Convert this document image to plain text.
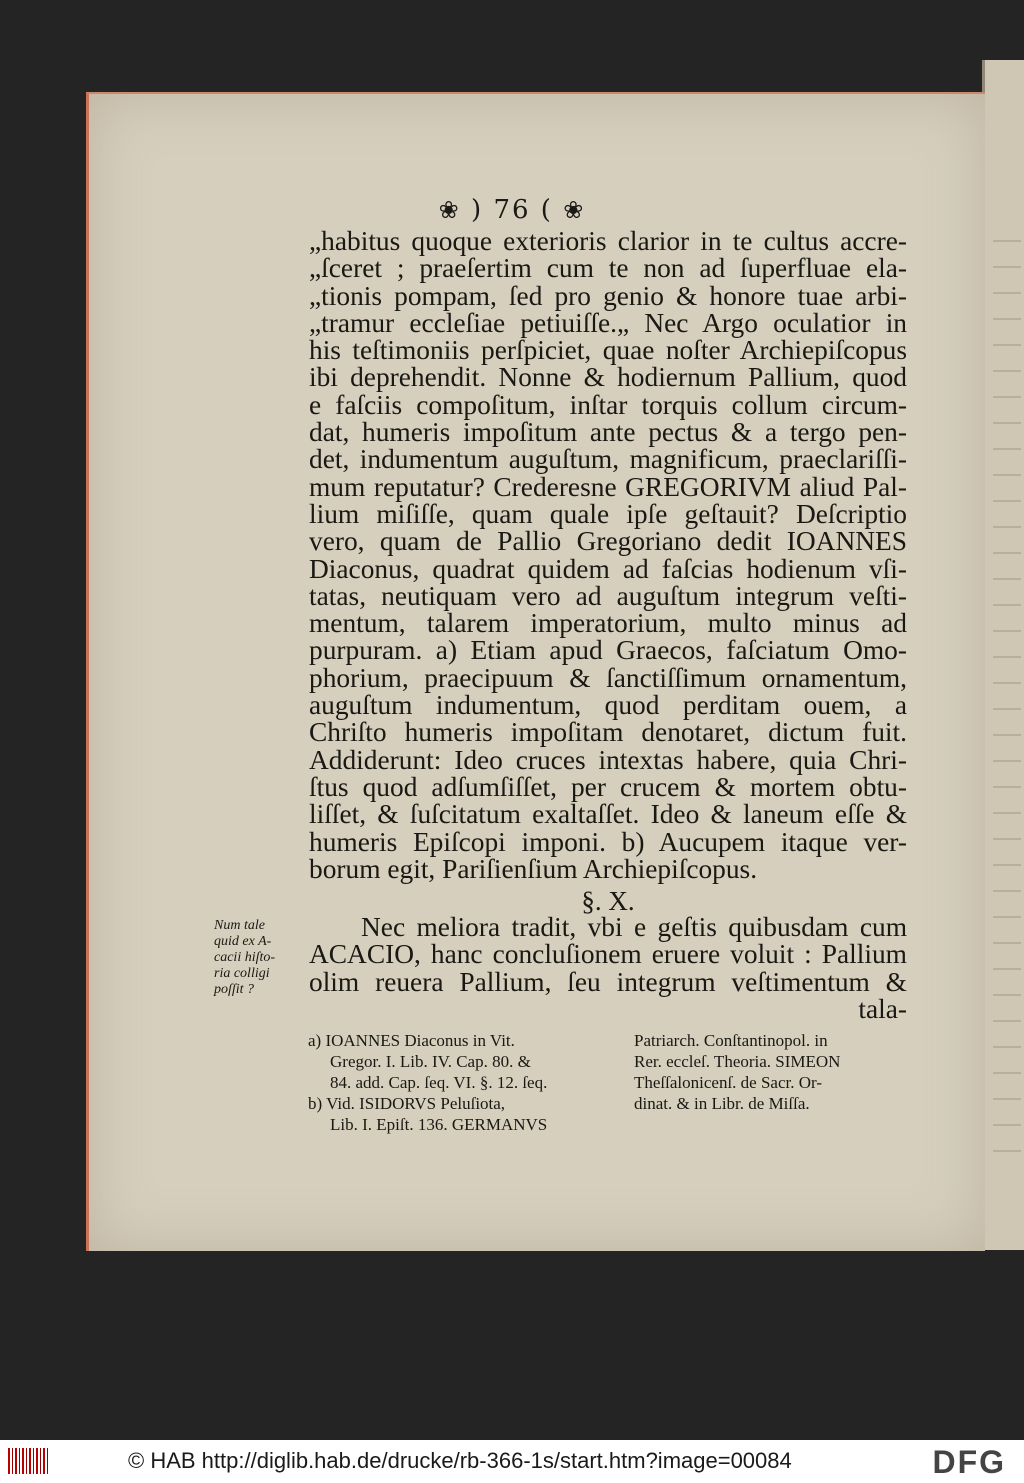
❀ ) 76 ( ❀
„habitus quoque exterioris clarior in te cultus accre-
„ſceret ; praeſertim cum te non ad ſuperfluae ela-
„tionis pompam, ſed pro genio & honore tuae arbi-
„tramur eccleſiae petiuiſſe.„ Nec Argo oculatior in
his teſtimoniis perſpiciet, quae noſter Archiepiſcopus
ibi deprehendit. Nonne & hodiernum Pallium, quod
e faſciis compoſitum, inſtar torquis collum circum-
dat, humeris impoſitum ante pectus & a tergo pen-
det, indumentum auguſtum, magnificum, praeclariſſi-
mum reputatur? Crederesne GREGORIVM aliud Pal-
lium miſiſſe, quam quale ipſe geſtauit? Deſcriptio
vero, quam de Pallio Gregoriano dedit IOANNES
Diaconus, quadrat quidem ad faſcias hodienum vſi-
tatas, neutiquam vero ad auguſtum integrum veſti-
mentum, talarem imperatorium, multo minus ad
purpuram. a) Etiam apud Graecos, faſciatum Omo-
phorium, praecipuum & ſanctiſſimum ornamentum,
auguſtum indumentum, quod perditam ouem, a
Chriſto humeris impoſitam denotaret, dictum fuit.
Addiderunt: Ideo cruces intextas habere, quia Chri-
ſtus quod adſumſiſſet, per crucem & mortem obtu-
liſſet, & ſuſcitatum exaltaſſet. Ideo & laneum eſſe &
humeris Epiſcopi imponi. b) Aucupem itaque ver-
borum egit, Pariſienſium Archiepiſcopus.
§. X.
Nec meliora tradit, vbi e geſtis quibusdam cum
ACACIO, hanc concluſionem eruere voluit : Pallium
olim reuera Pallium, ſeu integrum veſtimentum &
tala-
Num tale
quid ex A-
cacii hiſto-
ria colligi
poſſit ?
a) IOANNES Diaconus in Vit.
Gregor. I. Lib. IV. Cap. 80. &
84. add. Cap. ſeq. VI. §. 12. ſeq.
b) Vid. ISIDORVS Peluſiota,
Lib. I. Epiſt. 136. GERMANVS
Patriarch. Conſtantinopol. in
Rer. eccleſ. Theoria. SIMEON
Theſſalonicenſ. de Sacr. Or-
dinat. & in Libr. de Miſſa.
© HAB http://diglib.hab.de/drucke/rb-366-1s/start.htm?image=00084	DFG
